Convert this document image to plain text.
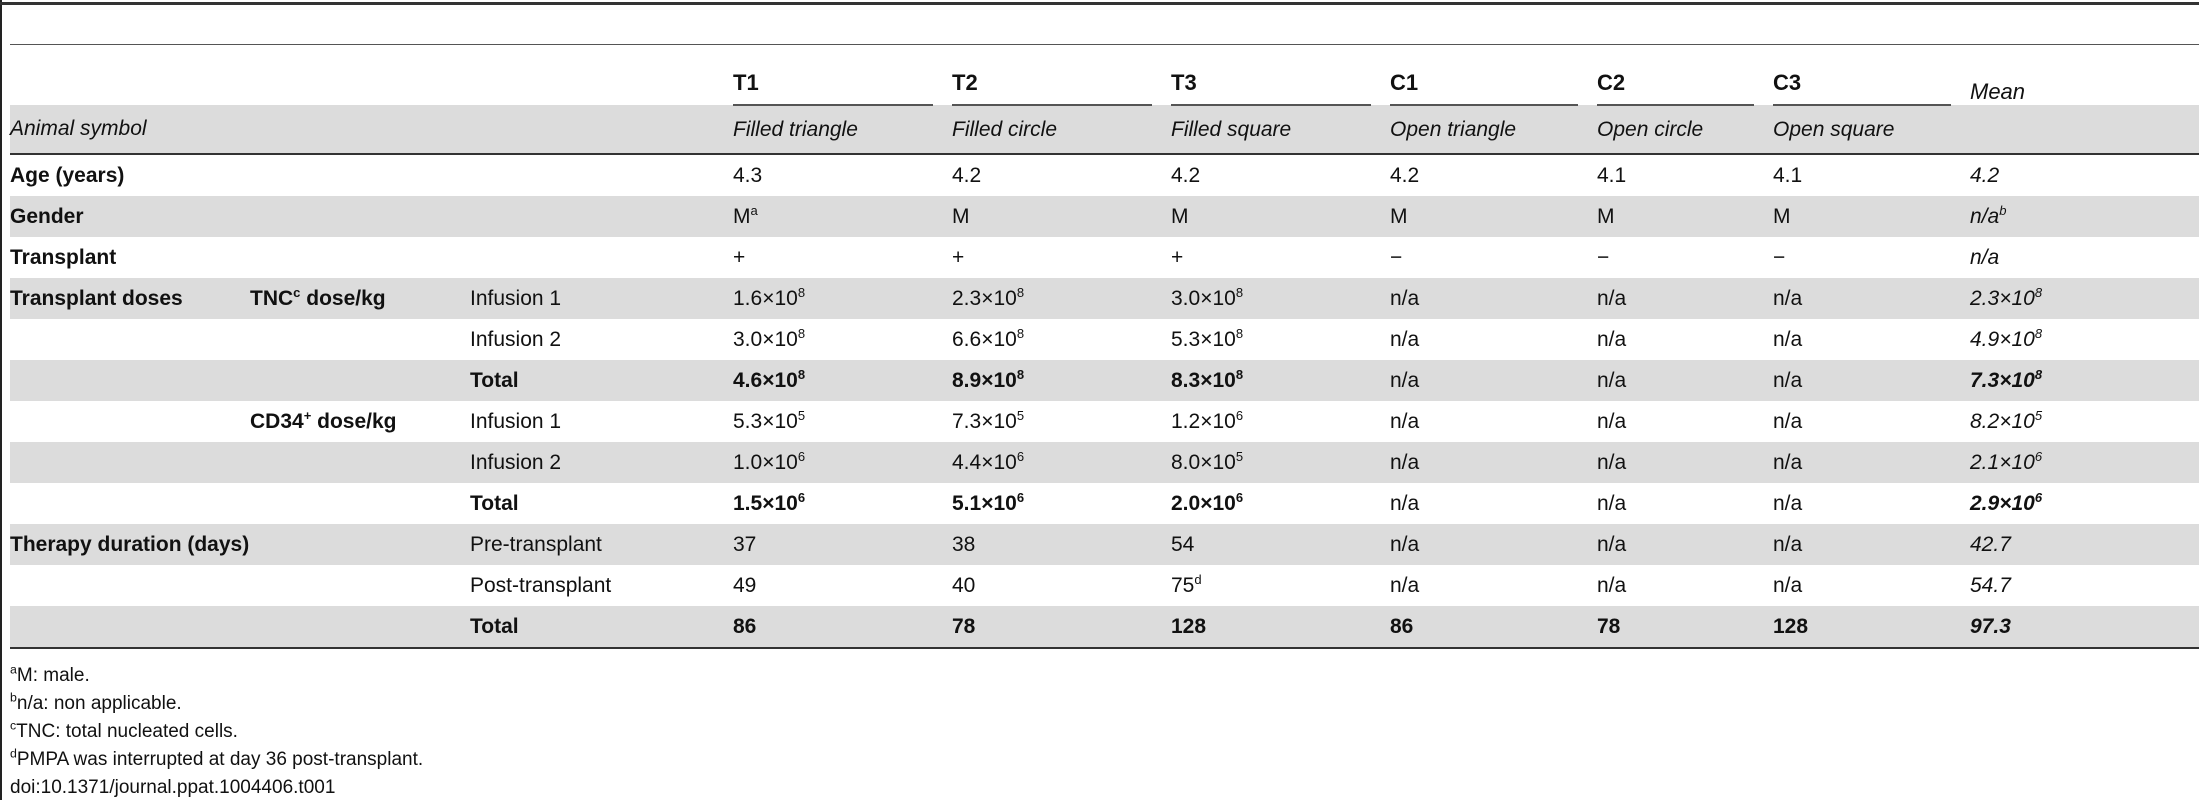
			T1		T2		T3		C1		C2		C3		Mean
Animal symbol			Filled triangle		Filled circle		Filled square		Open triangle		Open circle		Open square		
Age (years)			4.3		4.2		4.2		4.2		4.1		4.1		4.2
Gender			$M^a$		M		M		M		M		M		$n/a^b$
Transplant			+		+		+		−		−		−		n/a
Transplant doses	TNC$^c$ dose/kg	Infusion 1	$1.6\times 10^8$		$2.3\times 10^8$		$3.0\times 10^8$		n/a		n/a		n/a		$2.3\times 10^8$
		Infusion 2	$3.0\times 10^8$		$6.6\times 10^8$		$5.3\times 10^8$		n/a		n/a		n/a		$4.9\times 10^8$
		Total	$4.6\times 10^8$		$8.9\times 10^8$		$8.3\times 10^8$		n/a		n/a		n/a		$7.3\times 10^8$
	CD34+ dose/kg	Infusion 1	$5.3\times 10^5$		$7.3\times 10^5$		$1.2\times 10^6$		n/a		n/a		n/a		$8.2\times 10^5$
		Infusion 2	$1.0\times 10^6$		$4.4\times 10^6$		$8.0\times 10^5$		n/a		n/a		n/a		$2.1\times 10^6$
		Total	$1.5\times 10^6$		$5.1\times 10^6$		$2.0\times 10^6$		n/a		n/a		n/a		$2.9\times 10^6$
Therapy duration (days)		Pre-transplant	37		38		54		n/a		n/a		n/a		42.7
		Post-transplant	49		40		75$^d$		n/a		n/a		n/a		54.7
		Total	86		78		128		86		78		128		97.3
$^a$M: male.
$^b$n/a: non applicable.
$^c$TNC: total nucleated cells.
$^d$PMPA was interrupted at day 36 post-transplant.
doi:10.1371/journal.ppat.1004406.t001
